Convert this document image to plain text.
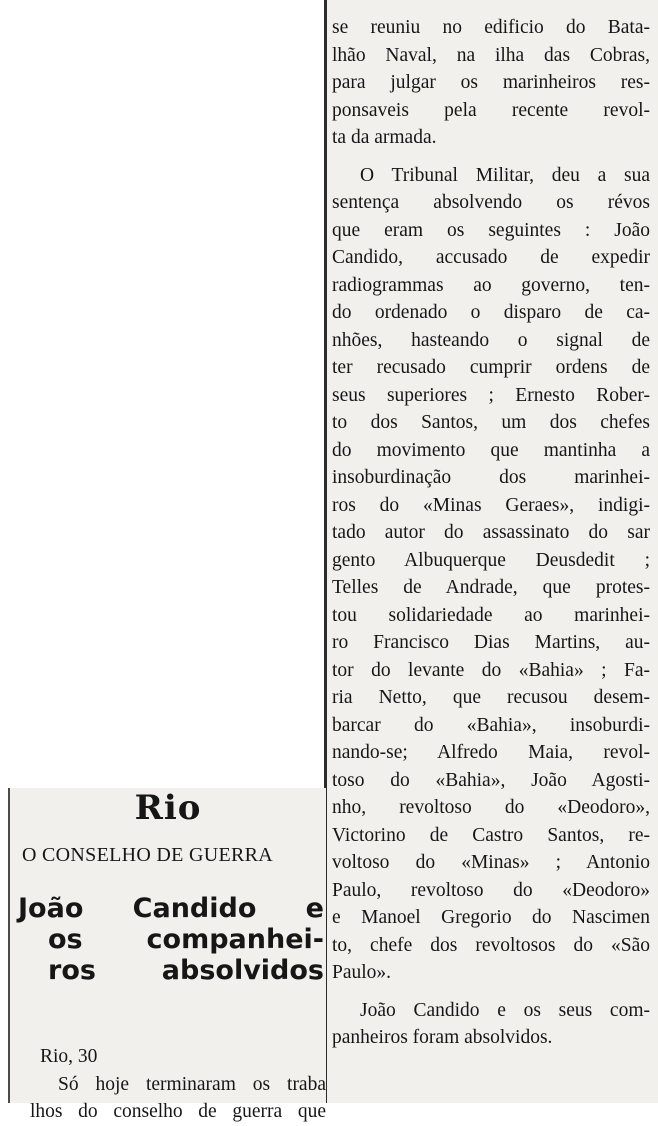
se reuniu no edificio do Bata-
lhão Naval, na ilha das Cobras,
para julgar os marinheiros res-
ponsaveis pela recente revol-
ta da armada.
O Tribunal Militar, deu a sua
sentença absolvendo os révos
que eram os seguintes : João
Candido, accusado de expedir
radiogrammas ao governo, ten-
do ordenado o disparo de ca-
nhões, hasteando o signal de
ter recusado cumprir ordens de
seus superiores ; Ernesto Rober-
to dos Santos, um dos chefes
do movimento que mantinha a
insoburdinação dos marinhei-
ros do «Minas Geraes», indigi-
tado autor do assassinato do sar
gento Albuquerque Deusdedit ;
Telles de Andrade, que protes-
tou solidariedade ao marinhei-
ro Francisco Dias Martins, au-
tor do levante do «Bahia» ; Fa-
ria Netto, que recusou desem-
barcar do «Bahia», insoburdi-
nando-se; Alfredo Maia, revol-
toso do «Bahia», João Agosti-
nho, revoltoso do «Deodoro»,
Victorino de Castro Santos, re-
voltoso do «Minas» ; Antonio
Paulo, revoltoso do «Deodoro»
e Manoel Gregorio do Nascimen
to, chefe dos revoltosos do «São
Paulo».
João Candido e os seus com-
panheiros foram absolvidos.
Rio
O CONSELHO DE GUERRA
João Candido e
os companhei-
ros absolvidos
Rio, 30
Só hoje terminaram os traba
lhos do conselho de guerra que
